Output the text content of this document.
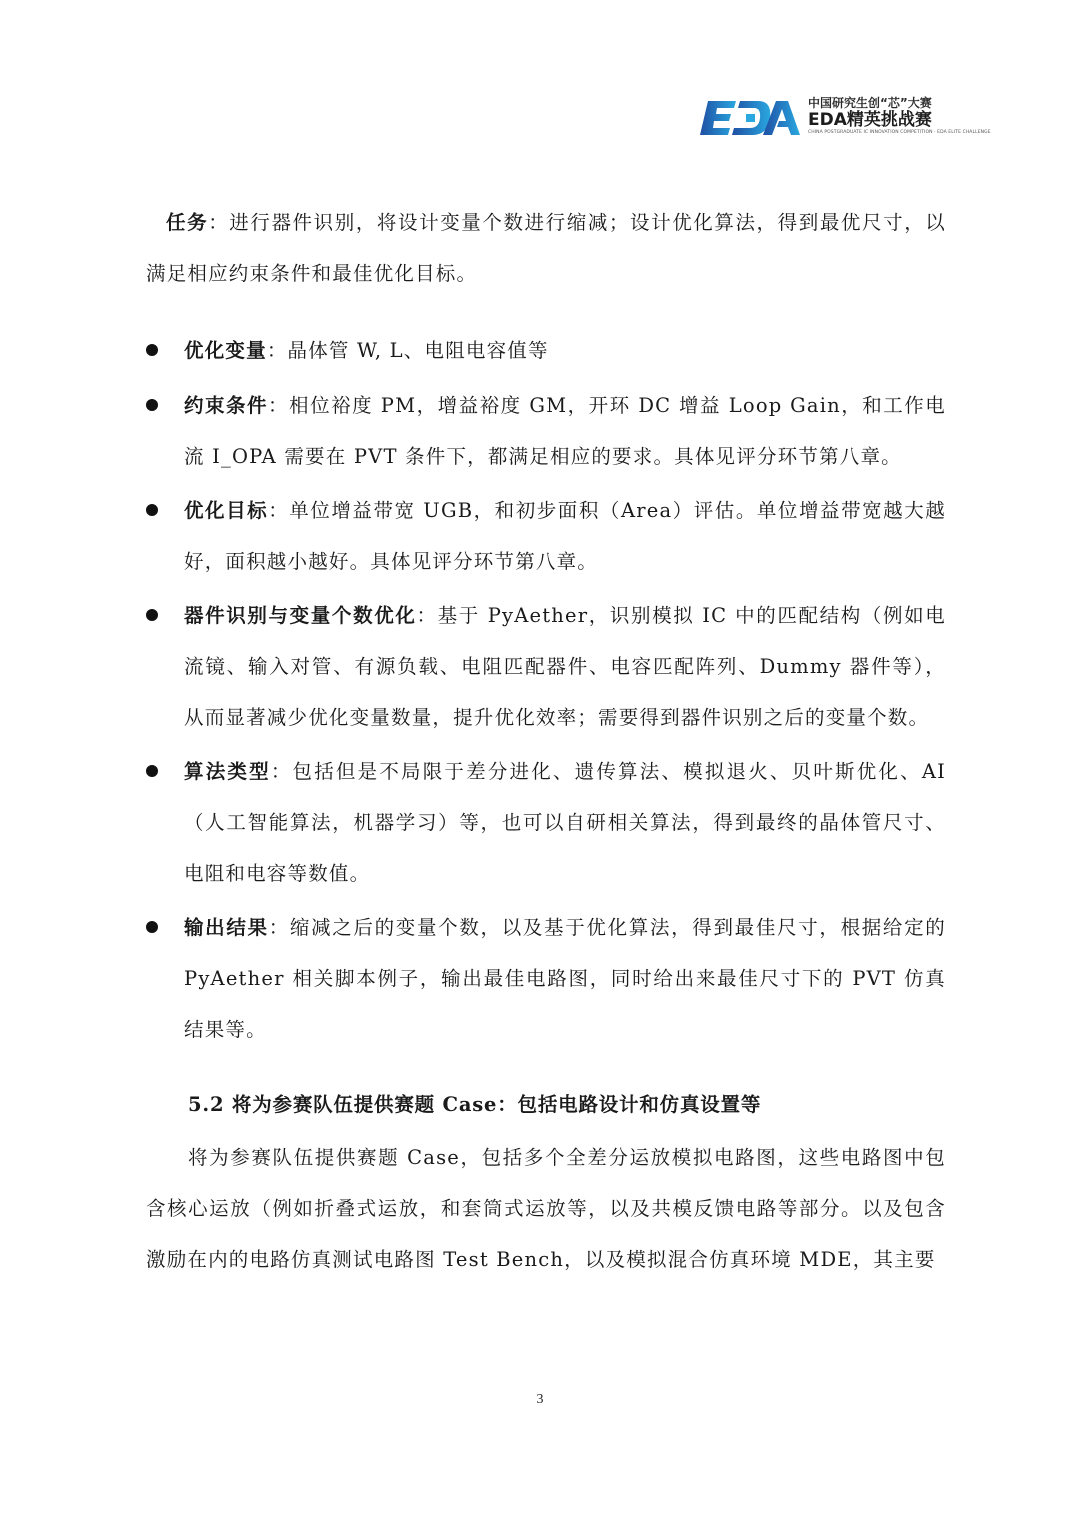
中国研究生创“芯”大赛
EDA精英挑战赛
CHINA POSTGRADUATE IC INNOVATION COMPETITION · EDA ELITE CHALLENGE

任务：进行器件识别，将设计变量个数进行缩减；设计优化算法，得到最优尺寸，以满足相应约束条件和最佳优化目标。

优化变量：晶体管 W, L、电阻电容值等
约束条件：相位裕度 PM，增益裕度 GM，开环 DC 增益 Loop Gain，和工作电流 I_OPA 需要在 PVT 条件下，都满足相应的要求。具体见评分环节第八章。
优化目标：单位增益带宽 UGB，和初步面积（Area）评估。单位增益带宽越大越好，面积越小越好。具体见评分环节第八章。
器件识别与变量个数优化：基于 PyAether，识别模拟 IC 中的匹配结构（例如电流镜、输入对管、有源负载、电阻匹配器件、电容匹配阵列、Dummy 器件等），从而显著减少优化变量数量，提升优化效率；需要得到器件识别之后的变量个数。
算法类型：包括但是不局限于差分进化、遗传算法、模拟退火、贝叶斯优化、AI（人工智能算法，机器学习）等，也可以自研相关算法，得到最终的晶体管尺寸、电阻和电容等数值。
输出结果：缩减之后的变量个数，以及基于优化算法，得到最佳尺寸，根据给定的 PyAether 相关脚本例子，输出最佳电路图，同时给出来最佳尺寸下的 PVT 仿真结果等。
5.2 将为参赛队伍提供赛题 Case：包括电路设计和仿真设置等

将为参赛队伍提供赛题 Case，包括多个全差分运放模拟电路图，这些电路图中包含核心运放（例如折叠式运放，和套筒式运放等，以及共模反馈电路等部分。以及包含激励在内的电路仿真测试电路图 Test Bench，以及模拟混合仿真环境 MDE，其主要

3
